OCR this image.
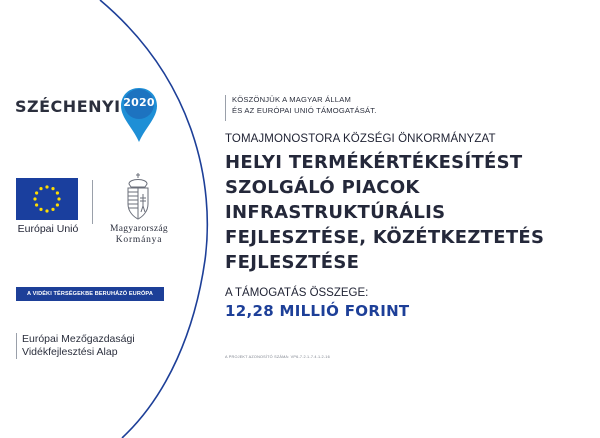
SZÉCHENYI 2020
Európai Unió	Magyarország
Kormánya
A VIDÉKI TÉRSÉGEKBE BERUHÁZÓ EURÓPA
Európai Mezőgazdasági
Vidékfejlesztési Alap
KÖSZÖNJÜK A MAGYAR ÁLLAM
ÉS AZ EURÓPAI UNIÓ TÁMOGATÁSÁT.
TOMAJMONOSTORA KÖZSÉGI ÖNKORMÁNYZAT
HELYI TERMÉKÉRTÉKESÍTÉST
SZOLGÁLÓ PIACOK
INFRASTRUKTÚRÁLIS
FEJLESZTÉSE, KÖZÉTKEZTETÉS
FEJLESZTÉSE
A TÁMOGATÁS ÖSSZEGE:
12,28 MILLIÓ FORINT
A PROJEKT AZONOSÍTÓ SZÁMA: VP6-7.2.1-7.4.1.2-16
